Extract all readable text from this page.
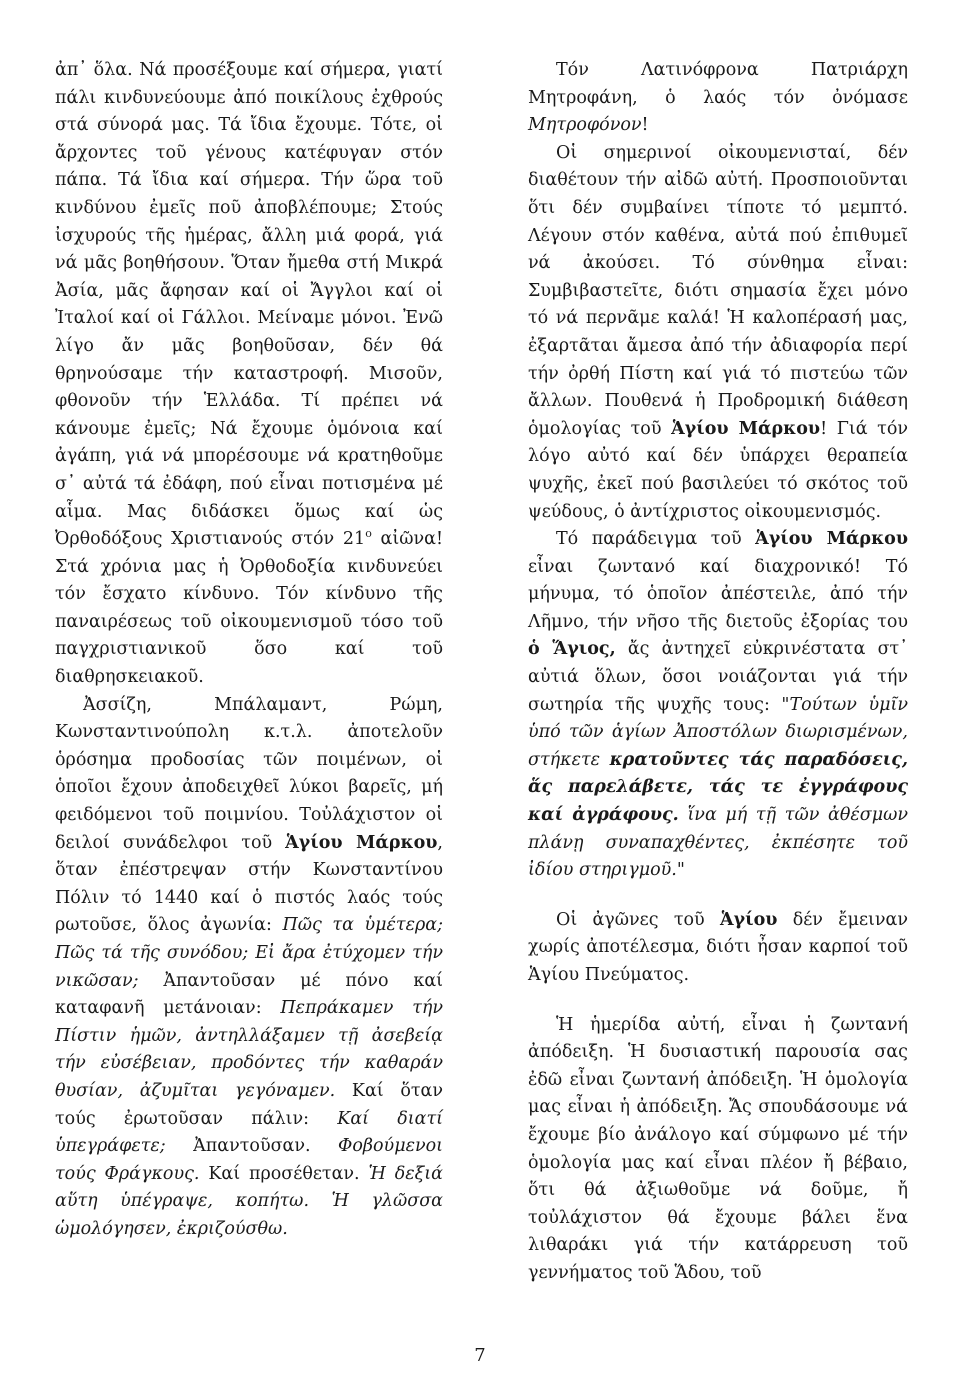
ἀπ᾽ ὅλα. Νά προσέξουμε καί σήμερα, γιατί πάλι κινδυνεύουμε ἀπό ποικίλους ἐχθρούς στά σύνορά μας. Τά ἴδια ἔχουμε. Τότε, οἱ ἄρχοντες τοῦ γένους κατέφυγαν στόν πάπα. Τά ἴδια καί σήμερα. Τήν ὥρα τοῦ κινδύνου ἐμεῖς ποῦ ἀποβλέπουμε; Στούς ἰσχυρούς τῆς ἡμέρας, ἄλλη μιά φορά, γιά νά μᾶς βοηθήσουν. Ὅταν ἤμεθα στή Μικρά Ἀσία, μᾶς ἄφησαν καί οἱ Ἄγγλοι καί οἱ Ἰταλοί καί οἱ Γάλλοι. Μείναμε μόνοι. Ἐνῶ λίγο ἄν μᾶς βοηθοῦσαν, δέν θά θρηνούσαμε τήν καταστροφή. Μισοῦν, φθονοῦν τήν Ἑλλάδα. Τί πρέπει νά κάνουμε ἐμεῖς; Νά ἔχουμε ὁμόνοια καί ἀγάπη, γιά νά μπορέσουμε νά κρατηθοῦμε σ᾽ αὐτά τά ἐδάφη, πού εἶναι ποτισμένα μέ αἷμα. Μας διδάσκει ὅμως καί ὡς Ὀρθοδόξους Χριστιανούς στόν $21^o$ αἰῶνα! Στά χρόνια μας ἡ Ὀρθοδοξία κινδυνεύει τόν ἔσχατο κίνδυνο. Τόν κίνδυνο τῆς παναιρέσεως τοῦ οἰκουμενισμοῦ τόσο τοῦ παγχριστιανικοῦ ὅσο καί τοῦ διαθρησκειακοῦ.

Ἀσσίζη, Μπάλαμαντ, Ρώμη, Κωνσταντινούπολη κ.τ.λ. ἀποτελοῦν ὁρόσημα προδοσίας τῶν ποιμένων, οἱ ὁποῖοι ἔχουν ἀποδειχθεῖ λύκοι βαρεῖς, μή φειδόμενοι τοῦ ποιμνίου. Τοὐλάχιστον οἱ δειλοί συνάδελφοι τοῦ Ἁγίου Μάρκου, ὅταν ἐπέστρεψαν στήν Κωνσταντίνου Πόλιν τό 1440 καί ὁ πιστός λαός τούς ρωτοῦσε, ὅλος ἀγωνία: Πῶς τα ὑμέτερα; Πῶς τά τῆς συνόδου; Εἰ ἄρα ἐτύχομεν τήν νικῶσαν; Ἀπαντοῦσαν μέ πόνο καί καταφανῆ μετάνοιαν: Πεπράκαμεν τήν Πίστιν ἡμῶν, ἀντηλλάξαμεν τῇ ἀσεβείᾳ τήν εὐσέβειαν, προδόντες τήν καθαράν θυσίαν, ἀζυμῖται γεγόναμεν. Καί ὅταν τούς ἐρωτοῦσαν πάλιν: Καί διατί ὑπεγράφετε; Ἀπαντοῦσαν. Φοβούμενοι τούς Φράγκους. Καί προσέθεταν. Ἡ δεξιά αὕτη ὑπέγραψε, κοπήτω. Ἡ γλῶσσα ὡμολόγησεν, ἐκριζούσθω.

Τόν Λατινόφρονα Πατριάρχη Μητροφάνη, ὁ λαός τόν ὀνόμασε Μητροφόνον!

Οἱ σημερινοί οἰκουμενισταί, δέν διαθέτουν τήν αἰδῶ αὐτή. Προσποιοῦνται ὅτι δέν συμβαίνει τίποτε τό μεμπτό. Λέγουν στόν καθένα, αὐτά πού ἐπιθυμεῖ νά ἀκούσει. Τό σύνθημα εἶναι: Συμβιβαστεῖτε, διότι σημασία ἔχει μόνο τό νά περνᾶμε καλά! Ἡ καλοπέρασή μας, ἐξαρτᾶται ἄμεσα ἀπό τήν ἀδιαφορία περί τήν ὀρθή Πίστη καί γιά τό πιστεύω τῶν ἄλλων. Πουθενά ἡ Προδρομική διάθεση ὁμολογίας τοῦ Ἁγίου Μάρκου! Γιά τόν λόγο αὐτό καί δέν ὑπάρχει θεραπεία ψυχῆς, ἐκεῖ πού βασιλεύει τό σκότος τοῦ ψεύδους, ὁ ἀντίχριστος οἰκουμενισμός.

Τό παράδειγμα τοῦ Ἁγίου Μάρκου εἶναι ζωντανό καί διαχρονικό! Τό μήνυμα, τό ὁποῖον ἀπέστειλε, ἀπό τήν Λῆμνο, τήν νῆσο τῆς διετοῦς ἐξορίας του ὁ Ἅγιος, ἄς ἀντηχεῖ εὐκρινέστατα στ᾽ αὐτιά ὅλων, ὅσοι νοιάζονται γιά τήν σωτηρία τῆς ψυχῆς τους: "Τούτων ὑμῖν ὑπό τῶν ἁγίων Ἀποστόλων διωρισμένων, στήκετε κρατοῦντες τάς παραδόσεις, ἅς παρελάβετε, τάς τε ἐγγράφους καί ἀγράφους. ἵνα μή τῇ τῶν ἀθέσμων πλάνῃ συναπαχθέντες, ἐκπέσητε τοῦ ἰδίου στηριγμοῦ."

Οἱ ἀγῶνες τοῦ Ἁγίου δέν ἔμειναν χωρίς ἀποτέλεσμα, διότι ἦσαν καρποί τοῦ Ἁγίου Πνεύματος.

Ἡ ἡμερίδα αὐτή, εἶναι ἡ ζωντανή ἀπόδειξη. Ἡ δυσιαστική παρουσία σας ἐδῶ εἶναι ζωντανή ἀπόδειξη. Ἡ ὁμολογία μας εἶναι ἡ ἀπόδειξη. Ἄς σπουδάσουμε νά ἔχουμε βίο ἀνάλογο καί σύμφωνο μέ τήν ὁμολογία μας καί εἶναι πλέον ἤ βέβαιο, ὅτι θά ἀξιωθοῦμε νά δοῦμε, ἤ τοὐλάχιστον θά ἔχουμε βάλει ἕνα λιθαράκι γιά τήν κατάρρευση τοῦ γεννήματος τοῦ Ἅδου, τοῦ

7
